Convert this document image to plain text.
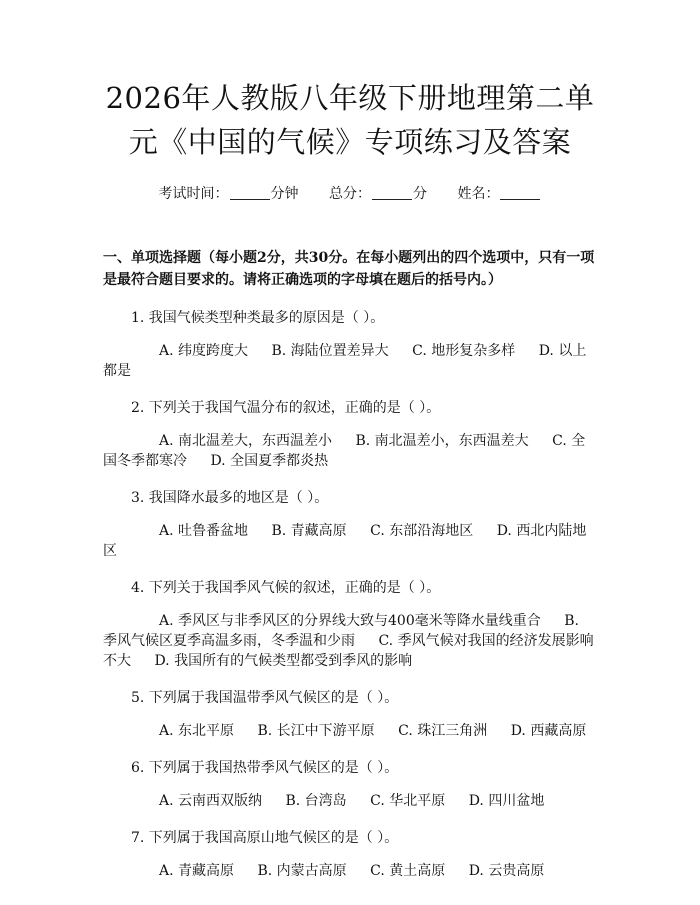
2026年人教版八年级下册地理第二单元《中国的气候》专项练习及答案
考试时间：	分钟 总分：	分 姓名：
一、单项选择题（每小题2分，共30分。在每小题列出的四个选项中，只有一项是最符合题目要求的。请将正确选项的字母填在题后的括号内。）
1. 我国气候类型种类最多的原因是（ ）。
A. 纬度跨度大 B. 海陆位置差异大 C. 地形复杂多样 D. 以上都是
2. 下列关于我国气温分布的叙述，正确的是（ ）。
A. 南北温差大，东西温差小 B. 南北温差小，东西温差大 C. 全国冬季都寒冷 D. 全国夏季都炎热
3. 我国降水最多的地区是（ ）。
A. 吐鲁番盆地 B. 青藏高原 C. 东部沿海地区 D. 西北内陆地区
4. 下列关于我国季风气候的叙述，正确的是（ ）。
A. 季风区与非季风区的分界线大致与400毫米等降水量线重合 B. 季风气候区夏季高温多雨，冬季温和少雨 C. 季风气候对我国的经济发展影响不大 D. 我国所有的气候类型都受到季风的影响
5. 下列属于我国温带季风气候区的是（ ）。
A. 东北平原 B. 长江中下游平原 C. 珠江三角洲 D. 西藏高原
6. 下列属于我国热带季风气候区的是（ ）。
A. 云南西双版纳 B. 台湾岛 C. 华北平原 D. 四川盆地
7. 下列属于我国高原山地气候区的是（ ）。
A. 青藏高原 B. 内蒙古高原 C. 黄土高原 D. 云贵高原
